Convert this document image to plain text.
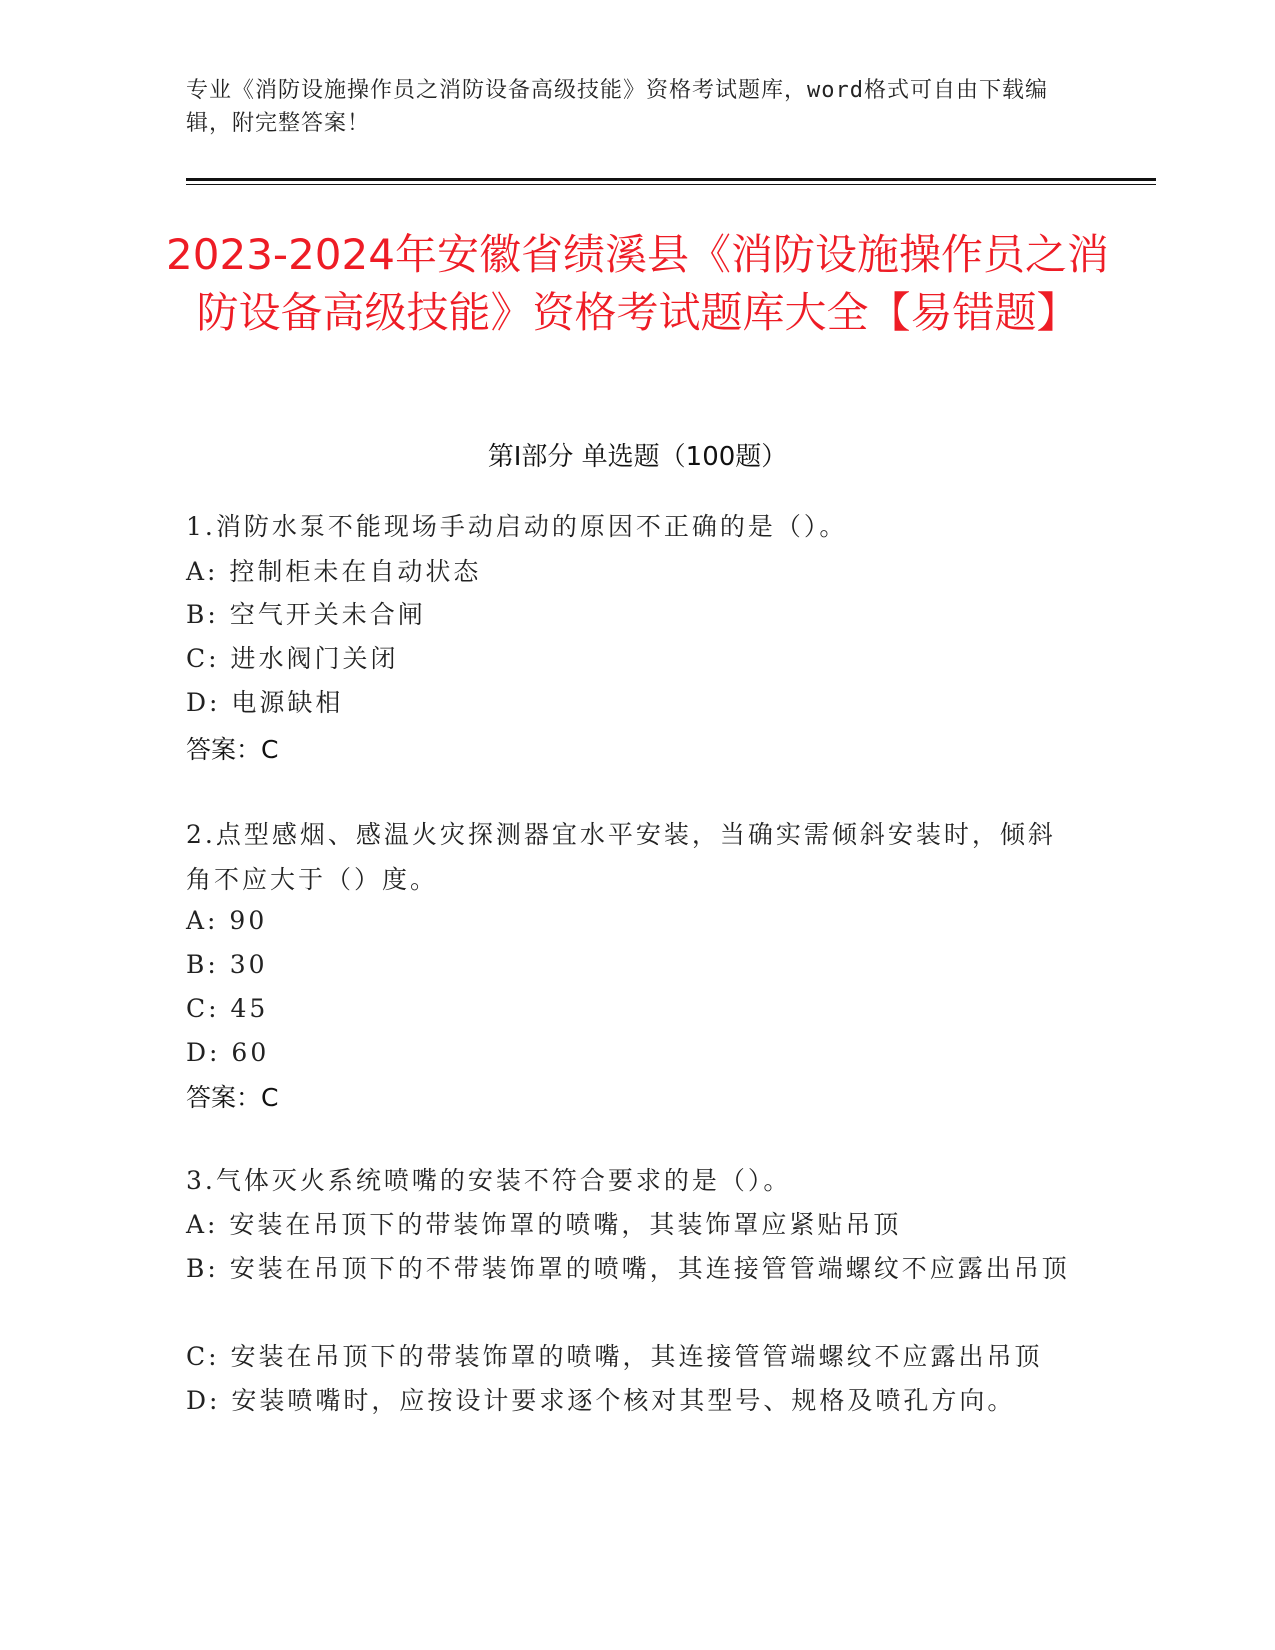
专业《消防设施操作员之消防设备高级技能》资格考试题库，word格式可自由下载编辑，附完整答案！
2023-2024年安徽省绩溪县《消防设施操作员之消防设备高级技能》资格考试题库大全【易错题】
第Ⅰ部分 单选题（100题）
1.消防水泵不能现场手动启动的原因不正确的是（）。
A: 控制柜未在自动状态
B: 空气开关未合闸
C: 进水阀门关闭
D: 电源缺相
答案：C
2.点型感烟、感温火灾探测器宜水平安装，当确实需倾斜安装时，倾斜角不应大于（）度。
A: 90
B: 30
C: 45
D: 60
答案：C
3.气体灭火系统喷嘴的安装不符合要求的是（）。
A: 安装在吊顶下的带装饰罩的喷嘴，其装饰罩应紧贴吊顶
B: 安装在吊顶下的不带装饰罩的喷嘴，其连接管管端螺纹不应露出吊顶
C: 安装在吊顶下的带装饰罩的喷嘴，其连接管管端螺纹不应露出吊顶
D: 安装喷嘴时，应按设计要求逐个核对其型号、规格及喷孔方向。
